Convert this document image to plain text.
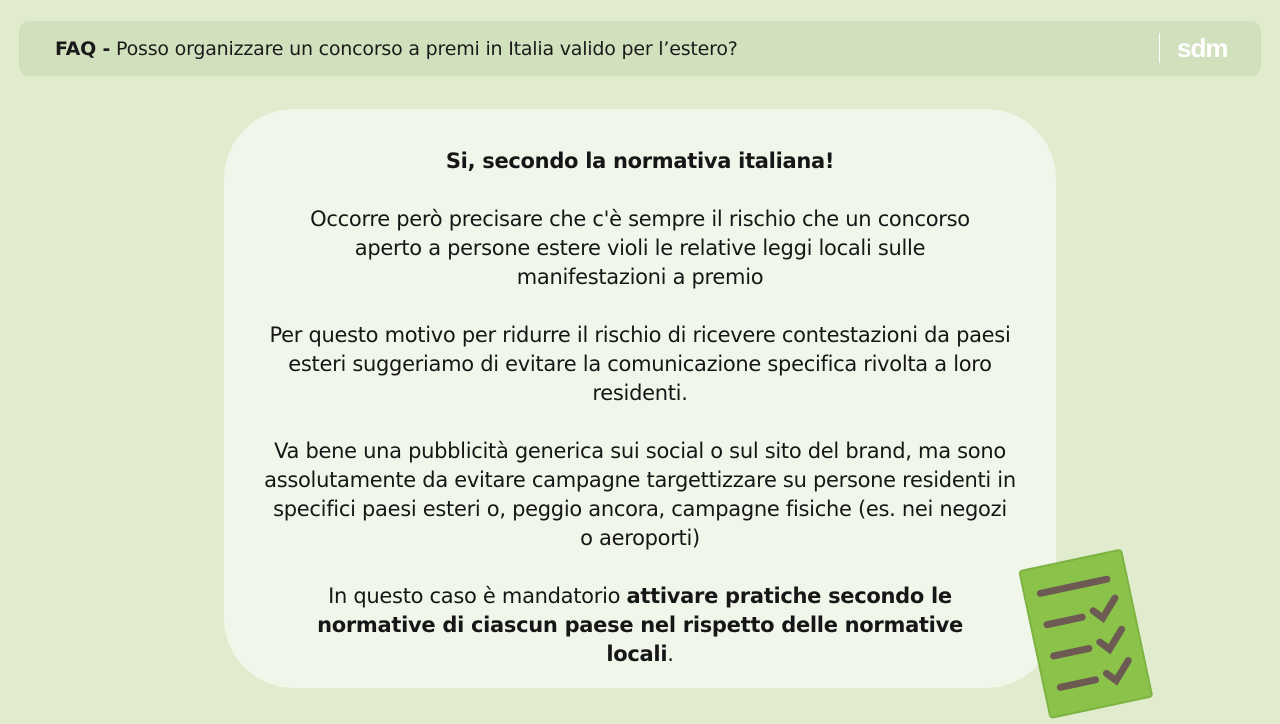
FAQ - Posso organizzare un concorso a premi in Italia valido per l’estero?	sdm

Si, secondo la normativa italiana!

Occorre però precisare che c'è sempre il rischio che un concorso aperto a persone estere violi le relative leggi locali sulle manifestazioni a premio

Per questo motivo per ridurre il rischio di ricevere contestazioni da paesi esteri suggeriamo di evitare la comunicazione specifica rivolta a loro residenti.

Va bene una pubblicità generica sui social o sul sito del brand, ma sono assolutamente da evitare campagne targettizzare su persone residenti in specifici paesi esteri o, peggio ancora, campagne fisiche (es. nei negozi o aeroporti)

In questo caso è mandatorio attivare pratiche secondo le normative di ciascun paese nel rispetto delle normative locali.
